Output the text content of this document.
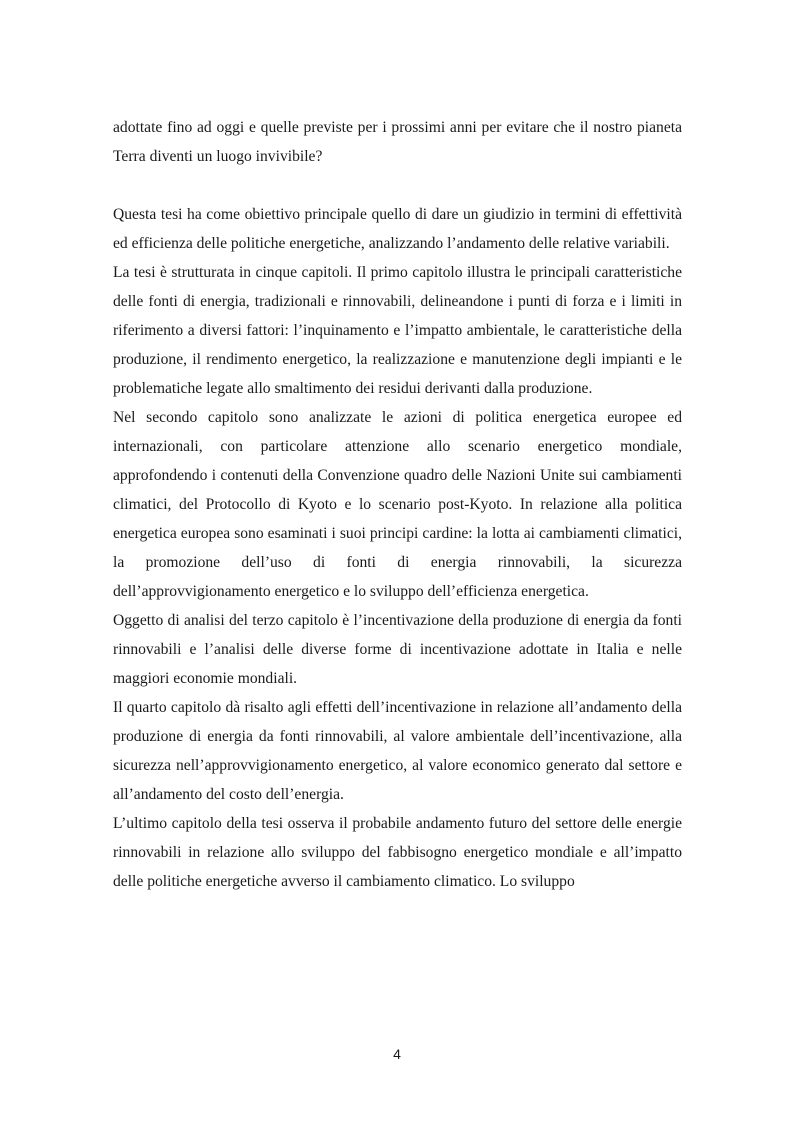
adottate fino ad oggi e quelle previste per i prossimi anni per evitare che il nostro pianeta Terra diventi un luogo invivibile?

Questa tesi ha come obiettivo principale quello di dare un giudizio in termini di effettività ed efficienza delle politiche energetiche, analizzando l’andamento delle relative variabili.

La tesi è strutturata in cinque capitoli. Il primo capitolo illustra le principali caratteristiche delle fonti di energia, tradizionali e rinnovabili, delineandone i punti di forza e i limiti in riferimento a diversi fattori: l’inquinamento e l’impatto ambientale, le caratteristiche della produzione, il rendimento energetico, la realizzazione e manutenzione degli impianti e le problematiche legate allo smaltimento dei residui derivanti dalla produzione.

Nel secondo capitolo sono analizzate le azioni di politica energetica europee ed internazionali, con particolare attenzione allo scenario energetico mondiale, approfondendo i contenuti della Convenzione quadro delle Nazioni Unite sui cambiamenti climatici, del Protocollo di Kyoto e lo scenario post-Kyoto. In relazione alla politica energetica europea sono esaminati i suoi principi cardine: la lotta ai cambiamenti climatici, la promozione dell’uso di fonti di energia rinnovabili, la sicurezza dell’approvvigionamento energetico e lo sviluppo dell’efficienza energetica.

Oggetto di analisi del terzo capitolo è l’incentivazione della produzione di energia da fonti rinnovabili e l’analisi delle diverse forme di incentivazione adottate in Italia e nelle maggiori economie mondiali.

Il quarto capitolo dà risalto agli effetti dell’incentivazione in relazione all’andamento della produzione di energia da fonti rinnovabili, al valore ambientale dell’incentivazione, alla sicurezza nell’approvvigionamento energetico, al valore economico generato dal settore e all’andamento del costo dell’energia.

L’ultimo capitolo della tesi osserva il probabile andamento futuro del settore delle energie rinnovabili in relazione allo sviluppo del fabbisogno energetico mondiale e all’impatto delle politiche energetiche avverso il cambiamento climatico. Lo sviluppo

4
